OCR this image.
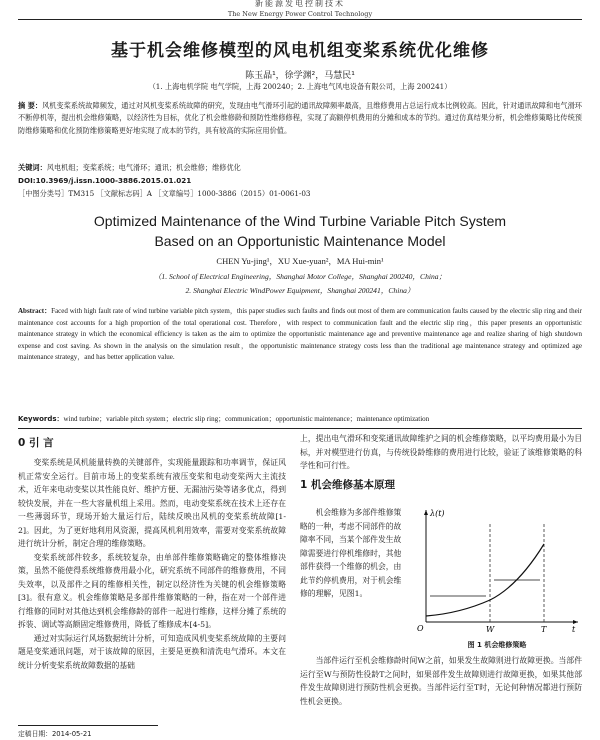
新能源发电控制技术
The New Energy Power Control Technology
基于机会维修模型的风电机组变桨系统优化维修
陈玉晶¹，徐学渊²，马慧民¹
（1. 上海电机学院 电气学院，上海 200240；2. 上海电气风电设备有限公司，上海 200241）
摘 要：风机变桨系统故障频发，通过对风机变桨系统故障的研究，发现由电气滑环引起的通讯故障频率最高，且维修费用占总运行成本比例较高。因此，针对通讯故障和电气滑环不断停机等，提出机会维修策略，以经济性为目标，优化了机会维修龄和预防性维修修程，实现了高额停机费用的分摊和成本的节约。通过仿真结果分析，机会维修策略比传统预防维修策略和优化预防维修策略更好地实现了成本的节约，具有较高的实际应用价值。
关键词：风电机组；变桨系统；电气滑环；通讯；机会维修；维修优化
DOI:10.3969/j.issn.1000-3886.2015.01.021
［中图分类号］TM315 ［文献标志码］A ［文章编号］1000-3886（2015）01-0061-03
Optimized Maintenance of the Wind Turbine Variable Pitch System
Based on an Opportunistic Maintenance Model
CHEN Yu-jing¹，XU Xue-yuan²，MA Hui-min¹
（1. School of Electrical Engineering，Shanghai Motor College，Shanghai 200240，China；
2. Shanghai Electric WindPower Equipment，Shanghai 200241，China）
Abstract：Faced with high fault rate of wind turbine variable pitch system，this paper studies such faults and finds out most of them are communication faults caused by the electric slip ring and their maintenance cost accounts for a high proportion of the total operational cost. Therefore，with respect to communication fault and the electric slip ring，this paper presents an opportunistic maintenance strategy in which the economical efficiency is taken as the aim to optimize the opportunistic maintenance age and preventive maintenance age and realize sharing of high shutdown expense and cost saving. As shown in the analysis on the simulation result，the opportunistic maintenance strategy costs less than the traditional age maintenance strategy and optimized age maintenance strategy，and has better application value.
Keywords：wind turbine；variable pitch system；electric slip ring；communication；opportunistic maintenance；maintenance optimization
0 引 言

变桨系统是风机能量转换的关键部件，实现能量跟踪和功率调节，保证风机正常安全运行。目前市场上的变桨系统有液压变桨和电动变桨两大主流技术，近年来电动变桨以其性能良好、维护方便、无漏油污染等诸多优点，得到较快发展，并在一些大容量机组上采用。然而，电动变桨系统在技术上还存在一些薄弱环节，现场开始大量运行后，陆续反映出风机的变桨系统故障[1-2]。因此，为了更好地利用风资源，提高风机利用效率，需要对变桨系统故障进行统计分析，制定合理的维修策略。

变桨系统部件较多，系统较复杂，由单部件维修策略确定的整体维修决策，虽然不能使得系统维修费用最小化，研究系统不同部件的维修费用，不同失效率，以及部件之间的维修相关性，制定以经济性为关键的机会维修策略[3]。很有意义。机会维修策略是多部件维修策略的一种，指在对一个部件进行维修的同时对其他达到机会维修龄的部件一起进行维修，这样分摊了系统的拆装、调试等高额固定维修费用，降低了维修成本[4-5]。

通过对实际运行风场数据统计分析，可知造成风机变桨系统故障的主要问题是变桨通讯问题，对于该故障的原因，主要是更换和清洗电气滑环。本文在统计分析变桨系统故障数据的基础

上，提出电气滑环和变桨通讯故障维护之间的机会维修策略，以平均费用最小为目标，并对模型进行仿真，与传统役龄维修的费用进行比较，验证了该维修策略的科学性和可行性。

1 机会维修基本原理
机会维修为多部件维修策略的一种，考虑不同部件的故障率不同，当某个部件发生故障需要进行停机维修时，其他部件获得一个维修的机会，由此节约停机费用，对于机会维修的理解，见图1。
λ(t)
O	W	T	t
图 1 机会维修策略

当部件运行至机会维修龄时间W之前，如果发生故障则进行故障更换。当部件运行至W与预防性役龄T之间时，如果部件发生故障则进行故障更换，如果其他部件发生故障则进行预防性机会更换。当部件运行至T时，无论何种情况都进行预防性机会更换。

定稿日期：2014-05-21
